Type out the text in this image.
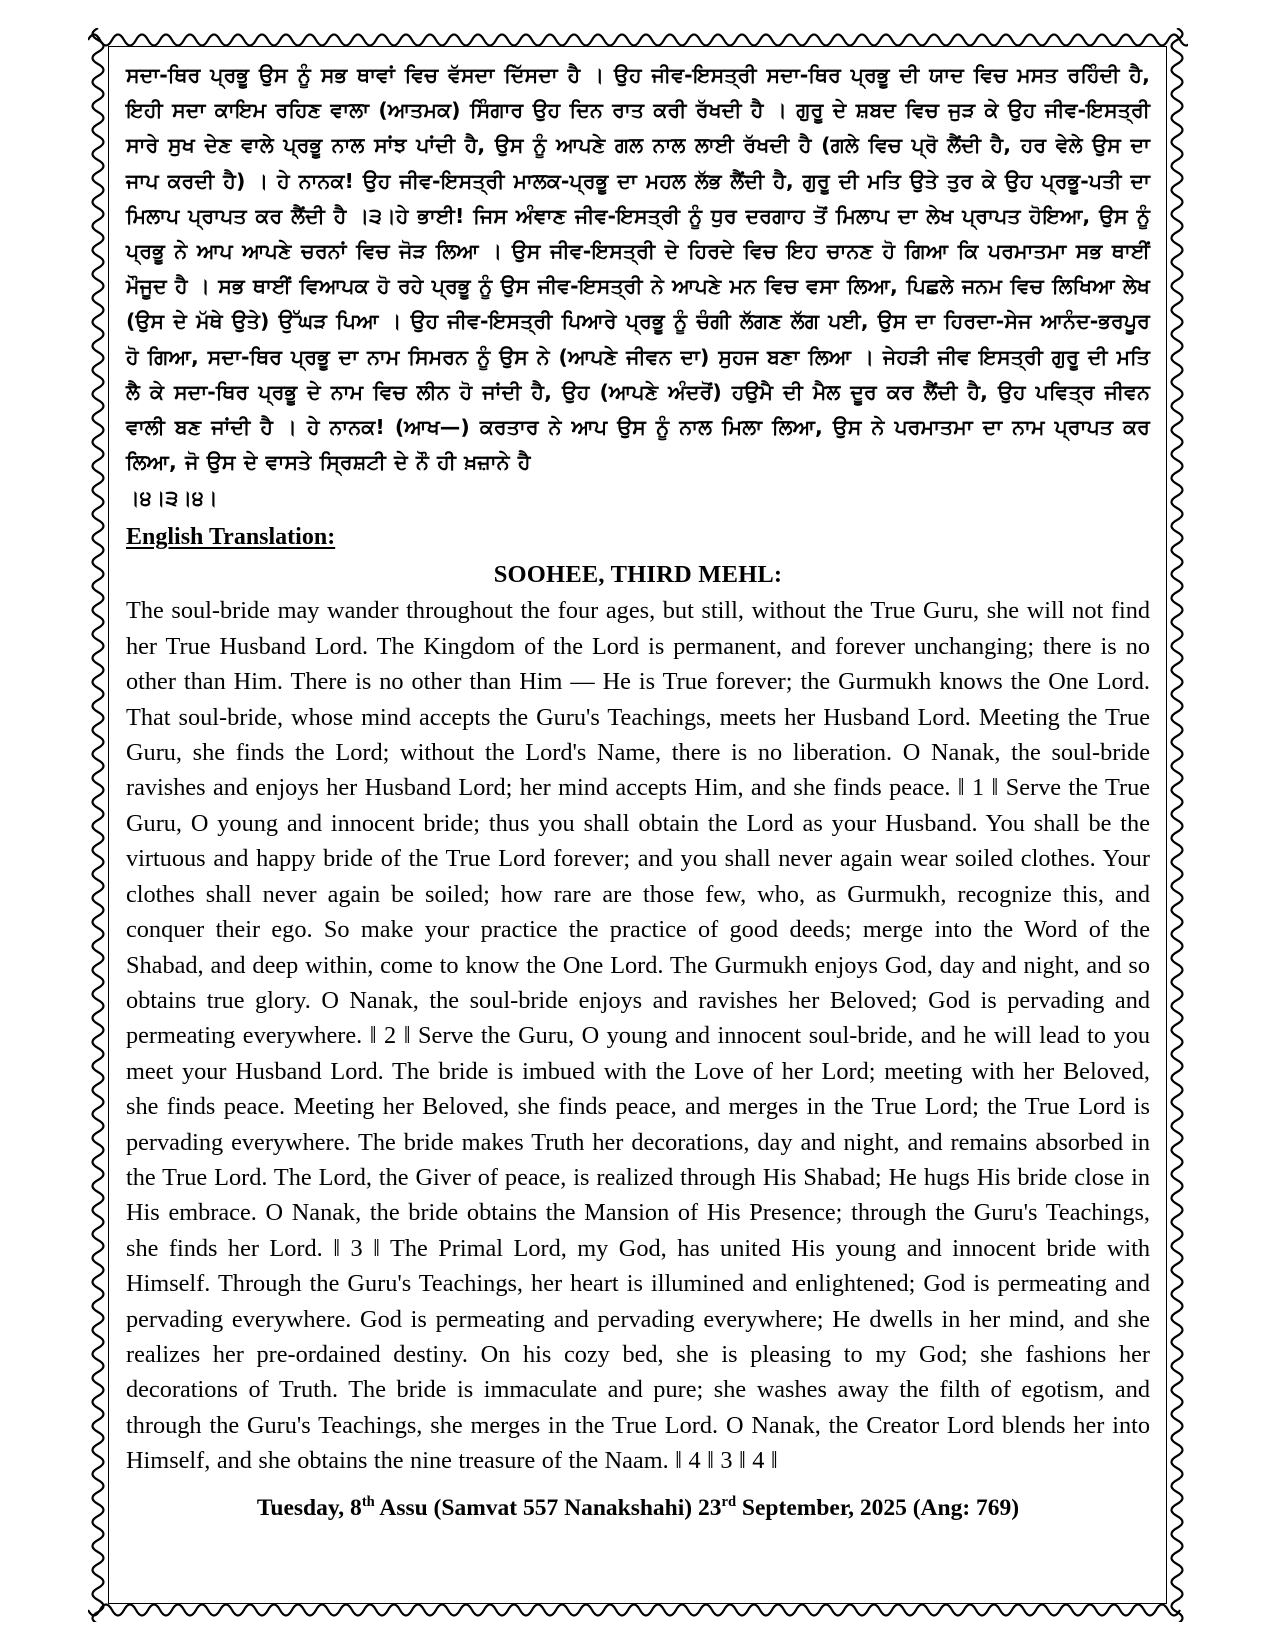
ਸਦਾ-ਥਿਰ ਪ੍ਰਭੂ ਉਸ ਨੂੰ ਸਭ ਥਾਵਾਂ ਵਿਚ ਵੱਸਦਾ ਦਿੱਸਦਾ ਹੈ । ਉਹ ਜੀਵ-ਇਸਤ੍ਰੀ ਸਦਾ-ਥਿਰ ਪ੍ਰਭੂ ਦੀ ਯਾਦ ਵਿਚ ਮਸਤ ਰਹਿੰਦੀ ਹੈ, ਇਹੀ ਸਦਾ ਕਾਇਮ ਰਹਿਣ ਵਾਲਾ (ਆਤਮਕ) ਸਿੰਗਾਰ ਉਹ ਦਿਨ ਰਾਤ ਕਰੀ ਰੱਖਦੀ ਹੈ । ਗੁਰੂ ਦੇ ਸ਼ਬਦ ਵਿਚ ਜੁੜ ਕੇ ਉਹ ਜੀਵ-ਇਸਤ੍ਰੀ ਸਾਰੇ ਸੁਖ ਦੇਣ ਵਾਲੇ ਪ੍ਰਭੂ ਨਾਲ ਸਾਂਝ ਪਾਂਦੀ ਹੈ, ਉਸ ਨੂੰ ਆਪਣੇ ਗਲ ਨਾਲ ਲਾਈ ਰੱਖਦੀ ਹੈ (ਗਲੇ ਵਿਚ ਪ੍ਰੋ ਲੈਂਦੀ ਹੈ, ਹਰ ਵੇਲੇ ਉਸ ਦਾ ਜਾਪ ਕਰਦੀ ਹੈ) । ਹੇ ਨਾਨਕ! ਉਹ ਜੀਵ-ਇਸਤ੍ਰੀ ਮਾਲਕ-ਪ੍ਰਭੂ ਦਾ ਮਹਲ ਲੱਭ ਲੈਂਦੀ ਹੈ, ਗੁਰੂ ਦੀ ਮਤਿ ਉਤੇ ਤੁਰ ਕੇ ਉਹ ਪ੍ਰਭੂ-ਪਤੀ ਦਾ ਮਿਲਾਪ ਪ੍ਰਾਪਤ ਕਰ ਲੈਂਦੀ ਹੈ ।੩।ਹੇ ਭਾਈ! ਜਿਸ ਅੰਞਾਣ ਜੀਵ-ਇਸਤ੍ਰੀ ਨੂੰ ਧੁਰ ਦਰਗਾਹ ਤੋਂ ਮਿਲਾਪ ਦਾ ਲੇਖ ਪ੍ਰਾਪਤ ਹੋਇਆ, ਉਸ ਨੂੰ ਪ੍ਰਭੂ ਨੇ ਆਪ ਆਪਣੇ ਚਰਨਾਂ ਵਿਚ ਜੋੜ ਲਿਆ । ਉਸ ਜੀਵ-ਇਸਤ੍ਰੀ ਦੇ ਹਿਰਦੇ ਵਿਚ ਇਹ ਚਾਨਣ ਹੋ ਗਿਆ ਕਿ ਪਰਮਾਤਮਾ ਸਭ ਥਾਈਂ ਮੌਜੂਦ ਹੈ । ਸਭ ਥਾਈਂ ਵਿਆਪਕ ਹੋ ਰਹੇ ਪ੍ਰਭੂ ਨੂੰ ਉਸ ਜੀਵ-ਇਸਤ੍ਰੀ ਨੇ ਆਪਣੇ ਮਨ ਵਿਚ ਵਸਾ ਲਿਆ, ਪਿਛਲੇ ਜਨਮ ਵਿਚ ਲਿਖਿਆ ਲੇਖ (ਉਸ ਦੇ ਮੱਥੇ ਉਤੇ) ਉੱਘੜ ਪਿਆ । ਉਹ ਜੀਵ-ਇਸਤ੍ਰੀ ਪਿਆਰੇ ਪ੍ਰਭੂ ਨੂੰ ਚੰਗੀ ਲੱਗਣ ਲੱਗ ਪਈ, ਉਸ ਦਾ ਹਿਰਦਾ-ਸੇਜ ਆਨੰਦ-ਭਰਪੂਰ ਹੋ ਗਿਆ, ਸਦਾ-ਥਿਰ ਪ੍ਰਭੂ ਦਾ ਨਾਮ ਸਿਮਰਨ ਨੂੰ ਉਸ ਨੇ (ਆਪਣੇ ਜੀਵਨ ਦਾ) ਸੁਹਜ ਬਣਾ ਲਿਆ । ਜੇਹੜੀ ਜੀਵ ਇਸਤ੍ਰੀ ਗੁਰੂ ਦੀ ਮਤਿ ਲੈ ਕੇ ਸਦਾ-ਥਿਰ ਪ੍ਰਭੂ ਦੇ ਨਾਮ ਵਿਚ ਲੀਨ ਹੋ ਜਾਂਦੀ ਹੈ, ਉਹ (ਆਪਣੇ ਅੰਦਰੋਂ) ਹਉਮੈ ਦੀ ਮੈਲ ਦੂਰ ਕਰ ਲੈਂਦੀ ਹੈ, ਉਹ ਪਵਿਤ੍ਰ ਜੀਵਨ ਵਾਲੀ ਬਣ ਜਾਂਦੀ ਹੈ । ਹੇ ਨਾਨਕ! (ਆਖ—) ਕਰਤਾਰ ਨੇ ਆਪ ਉਸ ਨੂੰ ਨਾਲ ਮਿਲਾ ਲਿਆ, ਉਸ ਨੇ ਪਰਮਾਤਮਾ ਦਾ ਨਾਮ ਪ੍ਰਾਪਤ ਕਰ ਲਿਆ, ਜੋ ਉਸ ਦੇ ਵਾਸਤੇ ਸ੍ਰਿਸ਼ਟੀ ਦੇ ਨੌ ਹੀ ਖ਼ਜ਼ਾਨੇ ਹੈ

।੪।੩।੪।

English Translation:

SOOHEE, THIRD MEHL:

The soul-bride may wander throughout the four ages, but still, without the True Guru, she will not find her True Husband Lord. The Kingdom of the Lord is permanent, and forever unchanging; there is no other than Him. There is no other than Him — He is True forever; the Gurmukh knows the One Lord. That soul-bride, whose mind accepts the Guru's Teachings, meets her Husband Lord. Meeting the True Guru, she finds the Lord; without the Lord's Name, there is no liberation. O Nanak, the soul-bride ravishes and enjoys her Husband Lord; her mind accepts Him, and she finds peace. ‖ 1 ‖ Serve the True Guru, O young and innocent bride; thus you shall obtain the Lord as your Husband. You shall be the virtuous and happy bride of the True Lord forever; and you shall never again wear soiled clothes. Your clothes shall never again be soiled; how rare are those few, who, as Gurmukh, recognize this, and conquer their ego. So make your practice the practice of good deeds; merge into the Word of the Shabad, and deep within, come to know the One Lord. The Gurmukh enjoys God, day and night, and so obtains true glory. O Nanak, the soul-bride enjoys and ravishes her Beloved; God is pervading and permeating everywhere. ‖ 2 ‖ Serve the Guru, O young and innocent soul-bride, and he will lead to you meet your Husband Lord. The bride is imbued with the Love of her Lord; meeting with her Beloved, she finds peace. Meeting her Beloved, she finds peace, and merges in the True Lord; the True Lord is pervading everywhere. The bride makes Truth her decorations, day and night, and remains absorbed in the True Lord. The Lord, the Giver of peace, is realized through His Shabad; He hugs His bride close in His embrace. O Nanak, the bride obtains the Mansion of His Presence; through the Guru's Teachings, she finds her Lord. ‖ 3 ‖ The Primal Lord, my God, has united His young and innocent bride with Himself. Through the Guru's Teachings, her heart is illumined and enlightened; God is permeating and pervading everywhere. God is permeating and pervading everywhere; He dwells in her mind, and she realizes her pre-ordained destiny. On his cozy bed, she is pleasing to my God; she fashions her decorations of Truth. The bride is immaculate and pure; she washes away the filth of egotism, and through the Guru's Teachings, she merges in the True Lord. O Nanak, the Creator Lord blends her into Himself, and she obtains the nine treasure of the Naam. ‖ 4 ‖ 3 ‖ 4 ‖

Tuesday, 8th Assu (Samvat 557 Nanakshahi) 23rd September, 2025 (Ang: 769)
